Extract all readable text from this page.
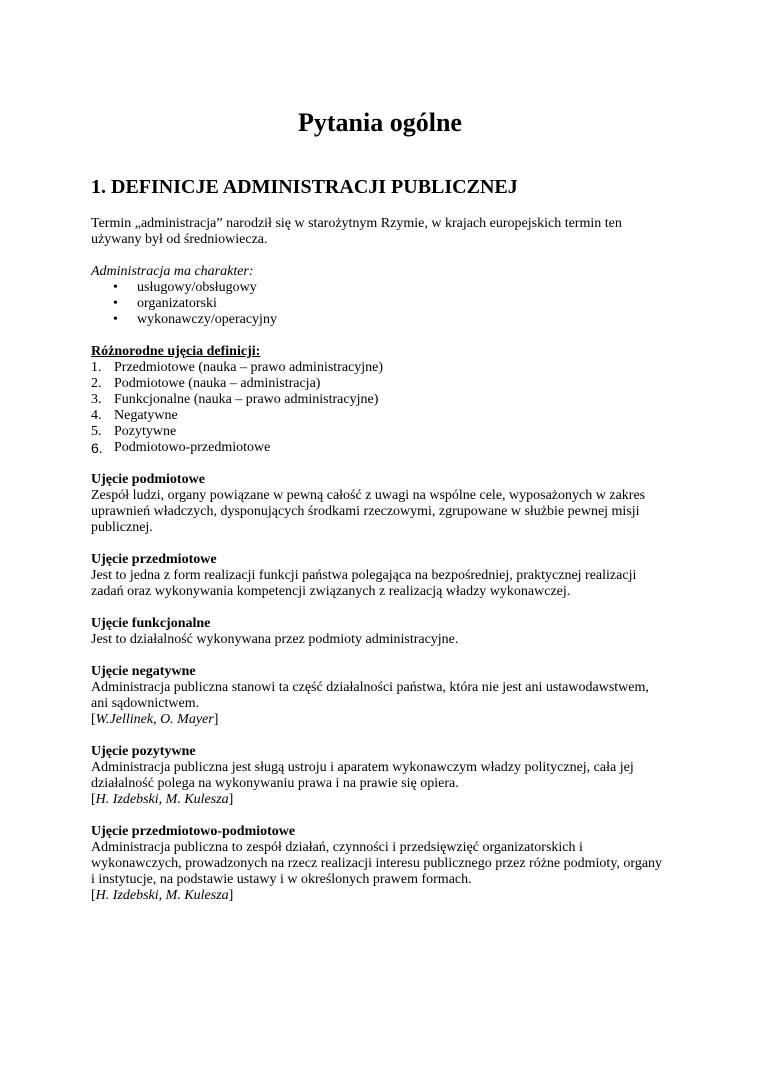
Pytania ogólne
1. DEFINICJE ADMINISTRACJI PUBLICZNEJ

Termin „administracja” narodził się w starożytnym Rzymie, w krajach europejskich termin ten

używany był od średniowiecza.

Administracja ma charakter:

• usługowy/obsługowy
• organizatorski
• wykonawczy/operacyjny

Różnorodne ujęcia definicji:

1. Przedmiotowe (nauka – prawo administracyjne)
2. Podmiotowe (nauka – administracja)
3. Funkcjonalne (nauka – prawo administracyjne)
4. Negatywne
5. Pozytywne
6. Podmiotowo-przedmiotowe

Ujęcie podmiotowe

Zespół ludzi, organy powiązane w pewną całość z uwagi na wspólne cele, wyposażonych w zakres

uprawnień władczych, dysponujących środkami rzeczowymi, zgrupowane w służbie pewnej misji

publicznej.

Ujęcie przedmiotowe

Jest to jedna z form realizacji funkcji państwa polegająca na bezpośredniej, praktycznej realizacji

zadań oraz wykonywania kompetencji związanych z realizacją władzy wykonawczej.

Ujęcie funkcjonalne

Jest to działalność wykonywana przez podmioty administracyjne.

Ujęcie negatywne

Administracja publiczna stanowi ta część działalności państwa, która nie jest ani ustawodawstwem,

ani sądownictwem.

[W.Jellinek, O. Mayer]

Ujęcie pozytywne

Administracja publiczna jest sługą ustroju i aparatem wykonawczym władzy politycznej, cała jej

działalność polega na wykonywaniu prawa i na prawie się opiera.

[H. Izdebski, M. Kulesza]

Ujęcie przedmiotowo-podmiotowe

Administracja publiczna to zespół działań, czynności i przedsięwzięć organizatorskich i

wykonawczych, prowadzonych na rzecz realizacji interesu publicznego przez różne podmioty, organy

i instytucje, na podstawie ustawy i w określonych prawem formach.

[H. Izdebski, M. Kulesza]
